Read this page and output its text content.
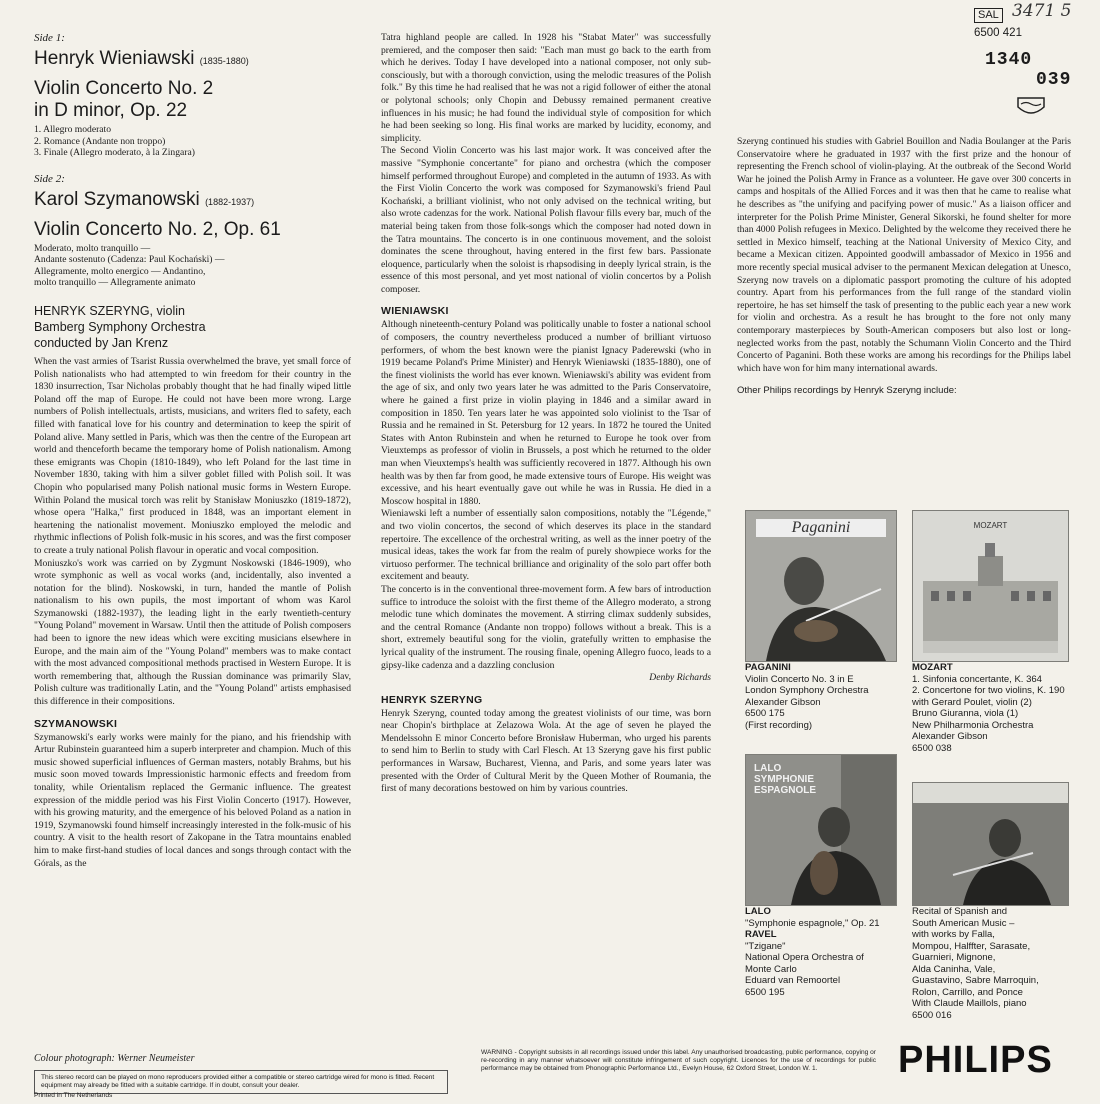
Side 1:

Henryk Wieniawski (1835-1880)

Violin Concerto No. 2

in D minor, Op. 22

1. Allegro moderato

2. Romance (Andante non troppo)

3. Finale (Allegro moderato, à la Zingara)

Side 2:

Karol Szymanowski (1882-1937)

Violin Concerto No. 2, Op. 61

Moderato, molto tranquillo —

Andante sostenuto (Cadenza: Paul Kochański) —

Allegramente, molto energico — Andantino,

molto tranquillo — Allegramente animato

HENRYK SZERYNG, violin

Bamberg Symphony Orchestra

conducted by Jan Krenz

When the vast armies of Tsarist Russia overwhelmed the brave, yet small force of Polish nationalists who had attempted to win freedom for their country in the 1830 insurrection, Tsar Nicholas probably thought that he had finally wiped little Poland off the map of Europe. He could not have been more wrong. Large numbers of Polish intellectuals, artists, musicians, and writers fled to safety, each filled with fanatical love for his country and determination to keep the spirit of Poland alive. Many settled in Paris, which was then the centre of the European art world and thenceforth became the temporary home of Polish nationalism. Among these emigrants was Chopin (1810-1849), who left Poland for the last time in November 1830, taking with him a silver goblet filled with Polish soil. It was Chopin who popularised many Polish national music forms in Western Europe. Within Poland the musical torch was relit by Stanisław Moniuszko (1819-1872), whose opera "Halka," first produced in 1848, was an important element in heartening the nationalist movement. Moniuszko employed the melodic and rhythmic inflections of Polish folk-music in his scores, and was the first composer to create a truly national Polish flavour in operatic and vocal composition.

Moniuszko's work was carried on by Zygmunt Noskowski (1846-1909), who wrote symphonic as well as vocal works (and, incidentally, also invented a notation for the blind). Noskowski, in turn, handed the mantle of Polish nationalism to his own pupils, the most important of whom was Karol Szymanowski (1882-1937), the leading light in the early twentieth-century "Young Poland" movement in Warsaw. Until then the attitude of Polish composers had been to ignore the new ideas which were exciting musicians elsewhere in Europe, and the main aim of the "Young Poland" members was to make contact with the most advanced compositional methods practised in Western Europe. It is worth remembering that, although the Russian dominance was primarily Slav, Polish culture was traditionally Latin, and the "Young Poland" artists emphasised this difference in their compositions.

SZYMANOWSKI

Szymanowski's early works were mainly for the piano, and his friendship with Artur Rubinstein guaranteed him a superb interpreter and champion. Much of this music showed superficial influences of German masters, notably Brahms, but his music soon moved towards Impressionistic harmonic effects and freedom from tonality, while Orientalism replaced the Germanic influence. The greatest expression of the middle period was his First Violin Concerto (1917). However, with his growing maturity, and the emergence of his beloved Poland as a nation in 1919, Szymanowski found himself increasingly interested in the folk-music of his country. A visit to the health resort of Zakopane in the Tatra mountains enabled him to make first-hand studies of local dances and songs through contact with the Górals, as the

Tatra highland people are called. In 1928 his "Stabat Mater" was successfully premiered, and the composer then said: "Each man must go back to the earth from which he derives. Today I have developed into a national composer, not only sub-consciously, but with a thorough conviction, using the melodic treasures of the Polish folk." By this time he had realised that he was not a rigid follower of either the atonal or polytonal schools; only Chopin and Debussy remained permanent creative influences in his music; he had found the individual style of composition for which he had been seeking so long. His final works are marked by lucidity, economy, and simplicity.

The Second Violin Concerto was his last major work. It was conceived after the massive "Symphonie concertante" for piano and orchestra (which the composer himself performed throughout Europe) and completed in the autumn of 1933. As with the First Violin Concerto the work was composed for Szymanowski's friend Paul Kochański, a brilliant violinist, who not only advised on the technical writing, but also wrote cadenzas for the work. National Polish flavour fills every bar, much of the material being taken from those folk-songs which the composer had noted down in the Tatra mountains. The concerto is in one continuous movement, and the soloist dominates the scene throughout, having entered in the first few bars. Passionate eloquence, particularly when the soloist is rhapsodising in deeply lyrical strain, is the essence of this most personal, and yet most national of violin concertos by a Polish composer.

WIENIAWSKI

Although nineteenth-century Poland was politically unable to foster a national school of composers, the country nevertheless produced a number of brilliant virtuoso performers, of whom the best known were the pianist Ignacy Paderewski (who in 1919 became Poland's Prime Minister) and Henryk Wieniawski (1835-1880), one of the finest violinists the world has ever known. Wieniawski's ability was evident from the age of six, and only two years later he was admitted to the Paris Conservatoire, where he gained a first prize in violin playing in 1846 and a similar award in composition in 1850. Ten years later he was appointed solo violinist to the Tsar of Russia and he remained in St. Petersburg for 12 years. In 1872 he toured the United States with Anton Rubinstein and when he returned to Europe he took over from Vieuxtemps as professor of violin in Brussels, a post which he returned to the older man when Vieuxtemps's health was sufficiently recovered in 1877. Although his own health was by then far from good, he made extensive tours of Europe. His weight was excessive, and his heart eventually gave out while he was in Russia. He died in a Moscow hospital in 1880.

Wieniawski left a number of essentially salon compositions, notably the "Légende," and two violin concertos, the second of which deserves its place in the standard repertoire. The excellence of the orchestral writing, as well as the inner poetry of the musical ideas, takes the work far from the realm of purely showpiece works for the virtuoso performer. The technical brilliance and originality of the solo part offer both excitement and beauty.

The concerto is in the conventional three-movement form. A few bars of introduction suffice to introduce the soloist with the first theme of the Allegro moderato, a strong melodic tune which dominates the movement. A stirring climax suddenly subsides, and the central Romance (Andante non troppo) follows without a break. This is a short, extremely beautiful song for the violin, gratefully written to emphasise the lyrical quality of the instrument. The rousing finale, opening Allegro fuoco, leads to a gipsy-like cadenza and a dazzling conclusion

Denby Richards

HENRYK SZERYNG

Henryk Szeryng, counted today among the greatest violinists of our time, was born near Chopin's birthplace at Zelazowa Wola. At the age of seven he played the Mendelssohn E minor Concerto before Bronisław Huberman, who urged his parents to send him to Berlin to study with Carl Flesch. At 13 Szeryng gave his first public performances in Warsaw, Bucharest, Vienna, and Paris, and some years later was presented with the Order of Cultural Merit by the Queen Mother of Roumania, the first of many decorations bestowed on him by various countries.

SAL 3471 5
6500 421
1340
039

Szeryng continued his studies with Gabriel Bouillon and Nadia Boulanger at the Paris Conservatoire where he graduated in 1937 with the first prize and the honour of representing the French school of violin-playing. At the outbreak of the Second World War he joined the Polish Army in France as a volunteer. He gave over 300 concerts in camps and hospitals of the Allied Forces and it was then that he came to realise what he describes as "the unifying and pacifying power of music." As a liaison officer and interpreter for the Polish Prime Minister, General Sikorski, he found shelter for more than 4000 Polish refugees in Mexico. Delighted by the welcome they received there he settled in Mexico himself, teaching at the National University of Mexico City, and became a Mexican citizen. Appointed goodwill ambassador of Mexico in 1956 and more recently special musical adviser to the permanent Mexican delegation at Unesco, Szeryng now travels on a diplomatic passport promoting the culture of his adopted country. Apart from his performances from the full range of the standard violin repertoire, he has set himself the task of presenting to the public each year a new work for violin and orchestra. As a result he has brought to the fore not only many contemporary masterpieces by South-American composers but also lost or long-neglected works from the past, notably the Schumann Violin Concerto and the Third Concerto of Paganini. Both these works are among his recordings for the Philips label which have won for him many international awards.

Other Philips recordings by Henryk Szeryng include:

Paganini
PAGANINI
Violin Concerto No. 3 in E
London Symphony Orchestra
Alexander Gibson
6500 175
(First recording)
MOZART
MOZART
1. Sinfonia concertante, K. 364
2. Concertone for two violins, K. 190
with Gerard Poulet, violin (2)
Bruno Giuranna, viola (1)
New Philharmonia Orchestra
Alexander Gibson
6500 038
LALO SYMPHONIE ESPAGNOLE
LALO
"Symphonie espagnole," Op. 21
RAVEL
"Tzigane"
National Opera Orchestra of
Monte Carlo
Eduard van Remoortel
6500 195
Recital of Spanish and
South American Music –
with works by Falla,
Mompou, Halffter, Sarasate,
Guarnieri, Mignone,
Alda Caninha, Vale,
Guastavino, Sabre Marroquin,
Rolon, Carrillo, and Ponce
With Claude Maillols, piano
6500 016
Colour photograph: Werner Neumeister
This stereo record can be played on mono reproducers provided either a compatible or stereo cartridge wired for mono is fitted. Recent equipment may already be fitted with a suitable cartridge. If in doubt, consult your dealer.
Printed in The Netherlands
WARNING - Copyright subsists in all recordings issued under this label. Any unauthorised broadcasting, public performance, copying or re-recording in any manner whatsoever will constitute infringement of such copyright. Licences for the use of recordings for public performance may be obtained from Phonographic Performance Ltd., Evelyn House, 62 Oxford Street, London W. 1.	PHILIPS
